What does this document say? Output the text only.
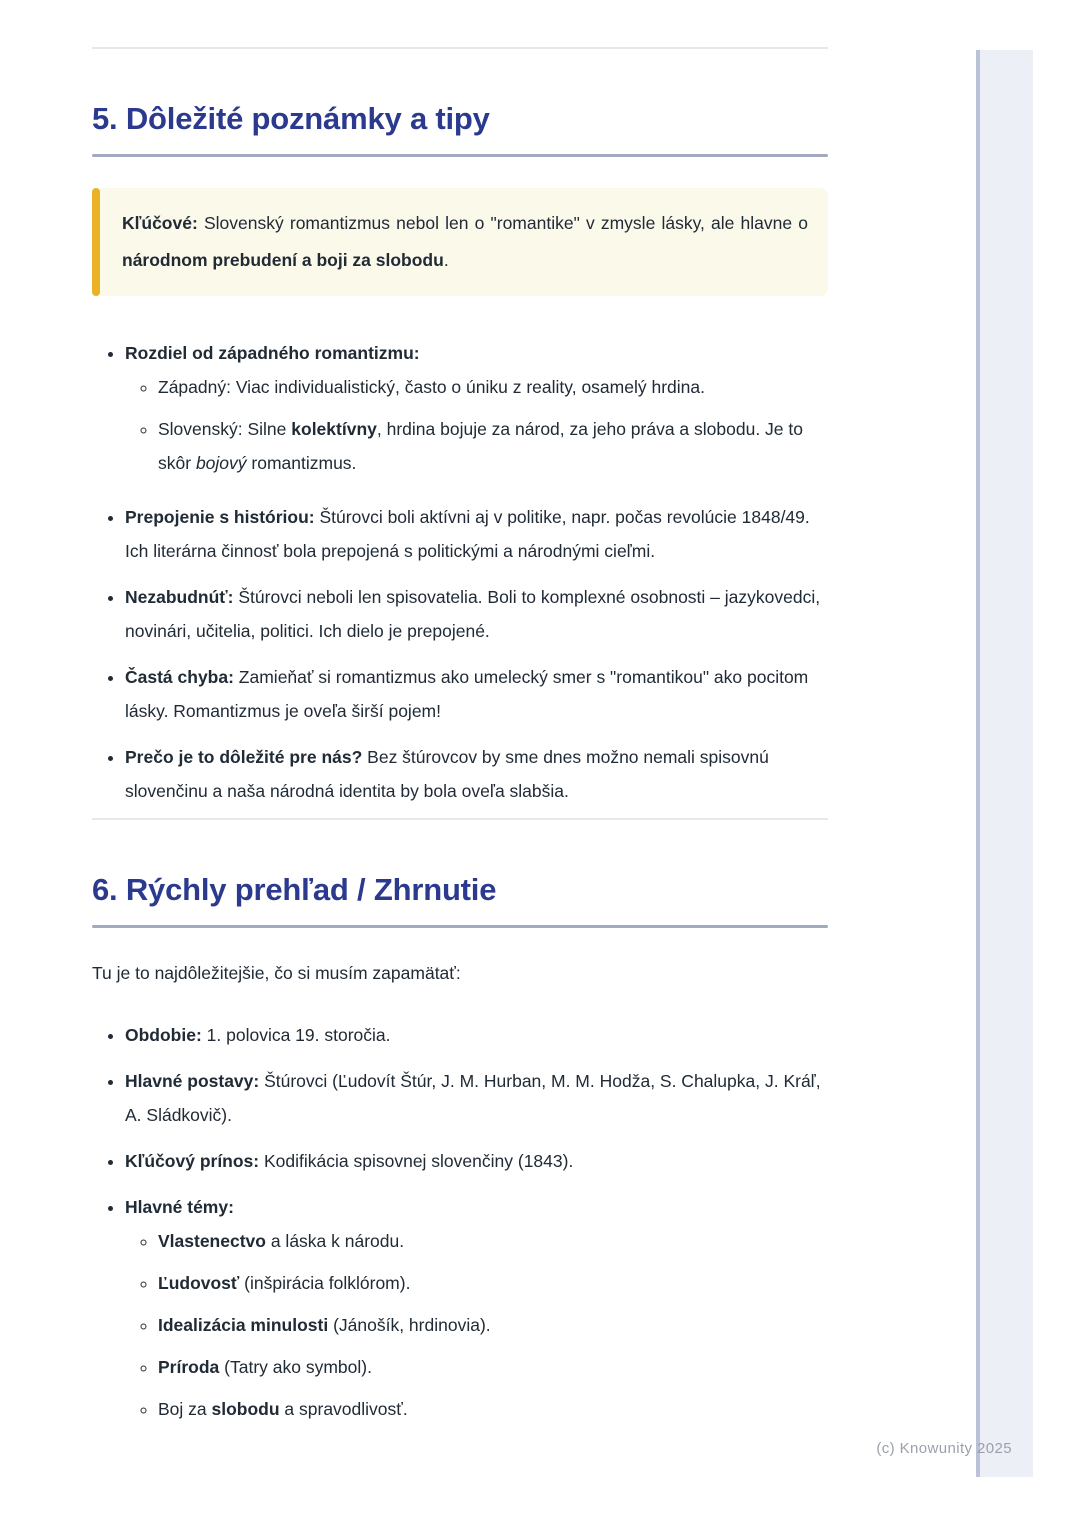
5. Dôležité poznámky a tipy
Kľúčové: Slovenský romantizmus nebol len o "romantike" v zmysle lásky, ale hlavne o národnom prebudení a boji za slobodu.
• Rozdiel od západného romantizmu:
◦ Západný: Viac individualistický, často o úniku z reality, osamelý hrdina.
◦ Slovenský: Silne kolektívny, hrdina bojuje za národ, za jeho práva a slobodu. Je to skôr bojový romantizmus.
• Prepojenie s históriou: Štúrovci boli aktívni aj v politike, napr. počas revolúcie 1848/49. Ich literárna činnosť bola prepojená s politickými a národnými cieľmi.
• Nezabudnúť: Štúrovci neboli len spisovatelia. Boli to komplexné osobnosti – jazykovedci, novinári, učitelia, politici. Ich dielo je prepojené.
• Častá chyba: Zamieňať si romantizmus ako umelecký smer s "romantikou" ako pocitom lásky. Romantizmus je oveľa širší pojem!
• Prečo je to dôležité pre nás? Bez štúrovcov by sme dnes možno nemali spisovnú slovenčinu a naša národná identita by bola oveľa slabšia.
6. Rýchly prehľad / Zhrnutie

Tu je to najdôležitejšie, čo si musím zapamätať:

• Obdobie: 1. polovica 19. storočia.
• Hlavné postavy: Štúrovci (Ľudovít Štúr, J. M. Hurban, M. M. Hodža, S. Chalupka, J. Kráľ, A. Sládkovič).
• Kľúčový prínos: Kodifikácia spisovnej slovenčiny (1843).
• Hlavné témy:
◦ Vlastenectvo a láska k národu.
◦ Ľudovosť (inšpirácia folklórom).
◦ Idealizácia minulosti (Jánošík, hrdinovia).
◦ Príroda (Tatry ako symbol).
◦ Boj za slobodu a spravodlivosť.
(c) Knowunity 2025
